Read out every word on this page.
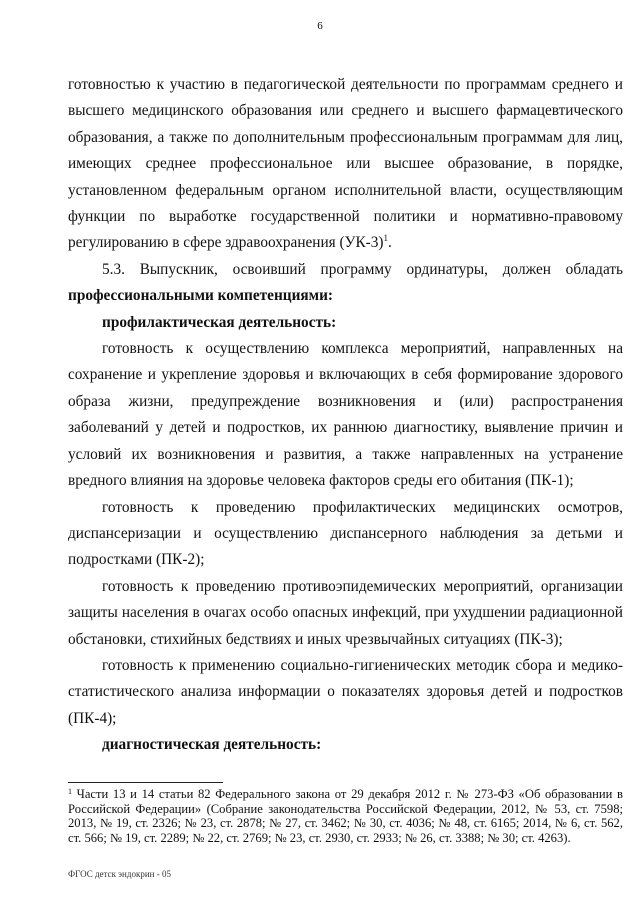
6

готовностью к участию в педагогической деятельности по программам среднего и высшего медицинского образования или среднего и высшего фармацевтического образования, а также по дополнительным профессиональным программам для лиц, имеющих среднее профессиональное или высшее образование, в порядке, установленном федеральным органом исполнительной власти, осуществляющим функции по выработке государственной политики и нормативно-правовому регулированию в сфере здравоохранения $(УК-3)^1$.

5.3. Выпускник, освоивший программу ординатуры, должен обладать профессиональными компетенциями:

профилактическая деятельность:

готовность к осуществлению комплекса мероприятий, направленных на сохранение и укрепление здоровья и включающих в себя формирование здорового образа жизни, предупреждение возникновения и (или) распространения заболеваний у детей и подростков, их раннюю диагностику, выявление причин и условий их возникновения и развития, а также направленных на устранение вредного влияния на здоровье человека факторов среды его обитания (ПК-1);

готовность к проведению профилактических медицинских осмотров, диспансеризации и осуществлению диспансерного наблюдения за детьми и подростками (ПК-2);

готовность к проведению противоэпидемических мероприятий, организации защиты населения в очагах особо опасных инфекций, при ухудшении радиационной обстановки, стихийных бедствиях и иных чрезвычайных ситуациях (ПК-3);

готовность к применению социально-гигиенических методик сбора и медико-статистического анализа информации о показателях здоровья детей и подростков (ПК-4);

диагностическая деятельность:

$^1$ Части 13 и 14 статьи 82 Федерального закона от 29 декабря 2012 г. № 273-ФЗ «Об образовании в Российской Федерации» (Собрание законодательства Российской Федерации, 2012, № 53, ст. 7598; 2013, № 19, ст. 2326; № 23, ст. 2878; № 27, ст. 3462; № 30, ст. 4036; № 48, ст. 6165; 2014, № 6, ст. 562, ст. 566; № 19, ст. 2289; № 22, ст. 2769; № 23, ст. 2930, ст. 2933; № 26, ст. 3388; № 30; ст. 4263).
ФГОС детск эндокрин - 05
